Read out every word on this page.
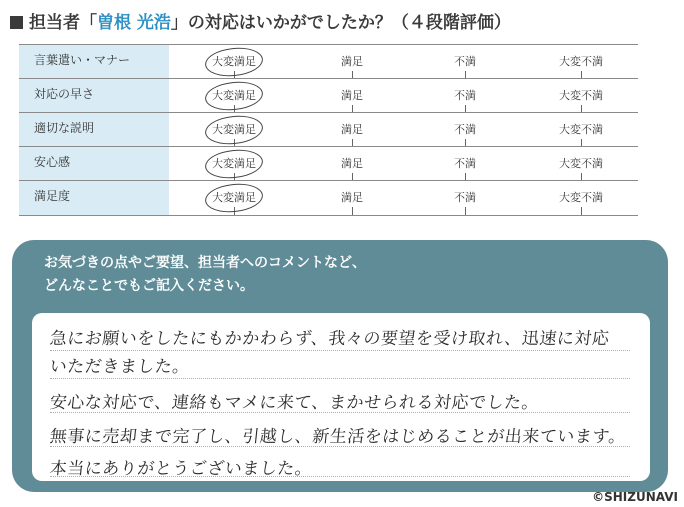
担当者「曽根 光浩」の対応はいかがでしたか？（４段階評価）
言葉遣い・マナー	大変満足	満足	不満	大変不満
対応の早さ	大変満足	満足	不満	大変不満
適切な説明	大変満足	満足	不満	大変不満
安心感	大変満足	満足	不満	大変不満
満足度	大変満足	満足	不満	大変不満
お気づきの点やご要望、担当者へのコメントなど、
どんなことでもご記入ください。
急にお願いをしたにもかかわらず、我々の要望を受け取れ、迅速に対応
いただきました。
安心な対応で、連絡もマメに来て、まかせられる対応でした。
無事に売却まで完了し、引越し、新生活をはじめることが出来ています。
本当にありがとうございました。
©SHIZUNAVI
